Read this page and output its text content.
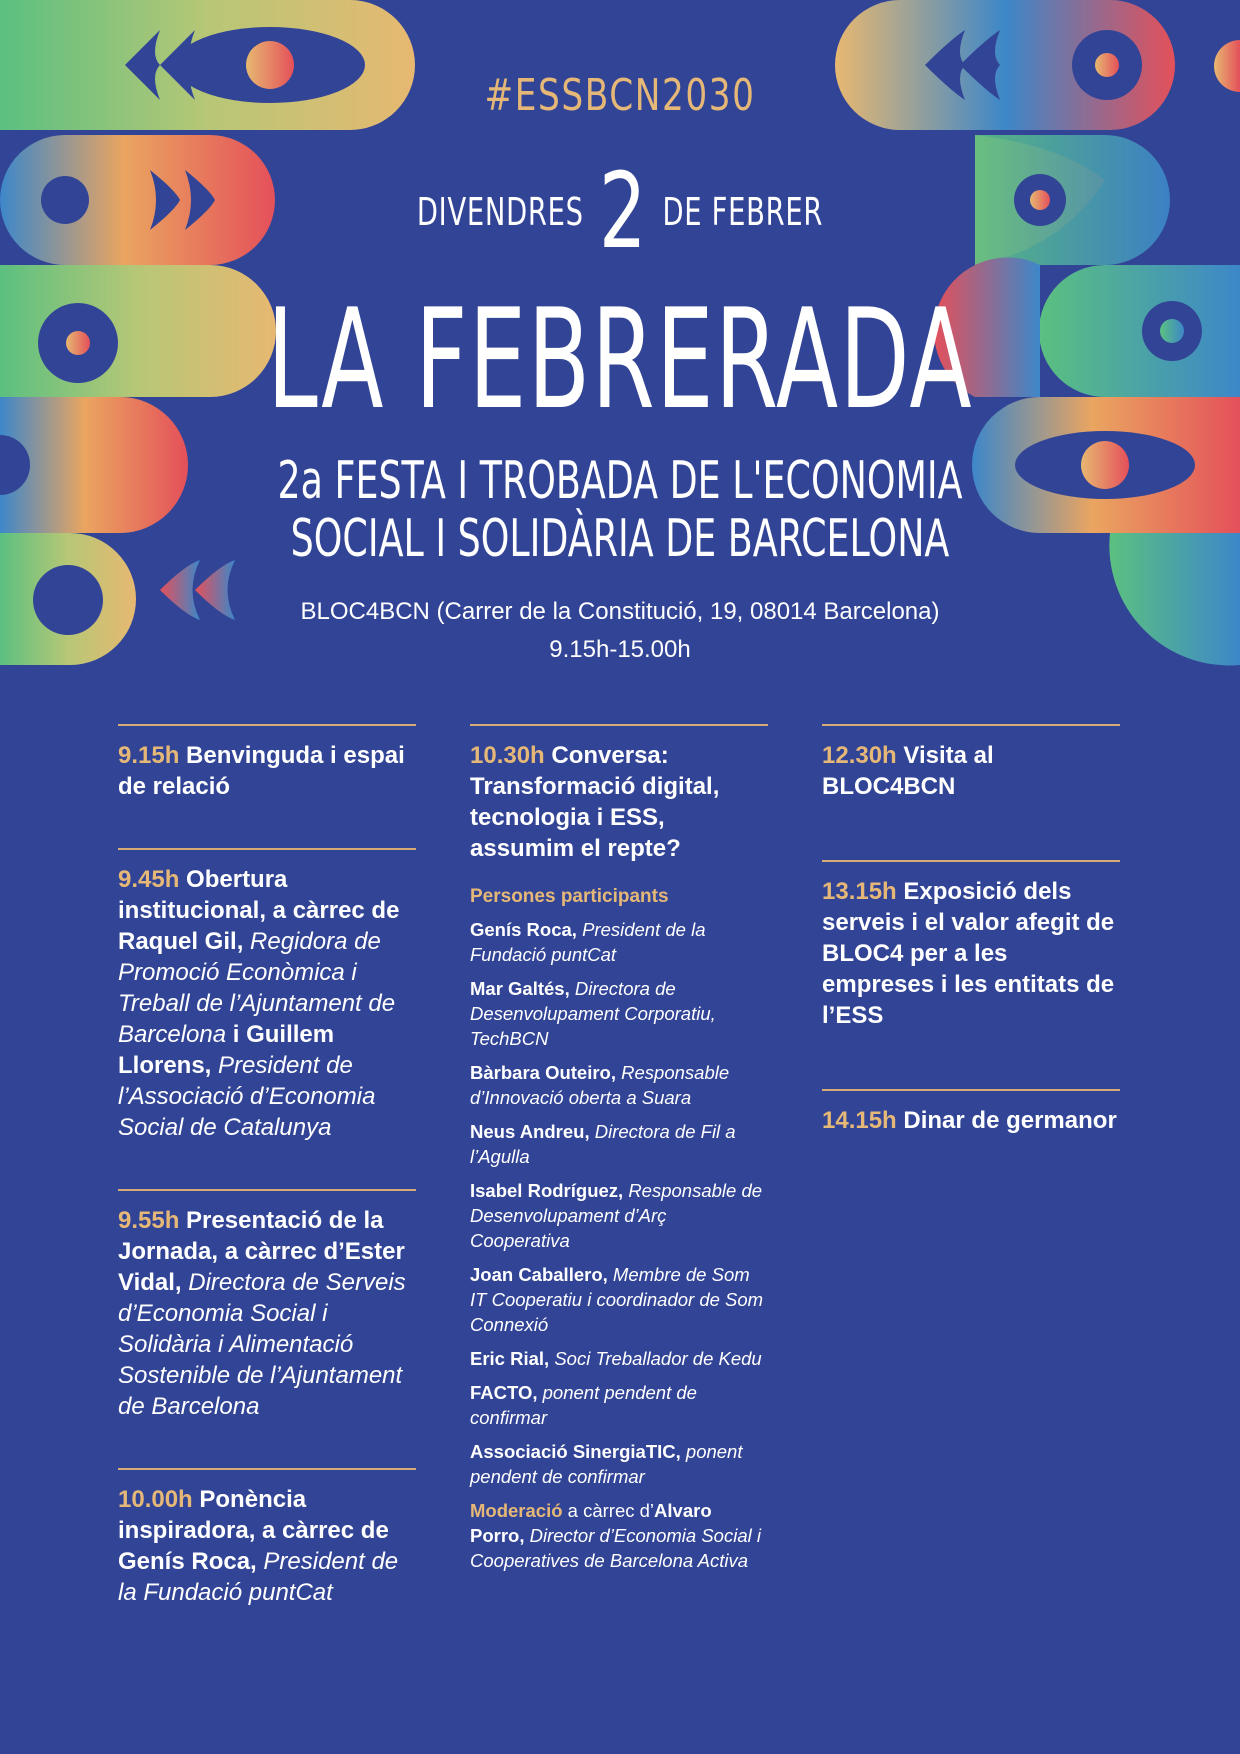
#ESSBCN2030
DIVENDRES 2 DE FEBRER
LA FEBRERADA
2a FESTA I TROBADA DE L'ECONOMIA
SOCIAL I SOLIDÀRIA DE BARCELONA
BLOC4BCN (Carrer de la Constitució, 19, 08014 Barcelona)
9.15h-15.00h
9.15h Benvinguda i espai de relació
9.45h Obertura institucional, a càrrec de Raquel Gil, Regidora de Promoció Econòmica i Treball de l’Ajuntament de Barcelona i Guillem Llorens, President de l’Associació d’Economia Social de Catalunya
9.55h Presentació de la Jornada, a càrrec d’Ester Vidal, Directora de Serveis d’Economia Social i Solidària i Alimentació Sostenible de l’Ajuntament de Barcelona
10.00h Ponència inspiradora, a càrrec de Genís Roca, President de la Fundació puntCat
10.30h Conversa: Transformació digital, tecnologia i ESS, assumim el repte?
Persones participants
Genís Roca, President de la Fundació puntCat
Mar Galtés, Directora de Desenvolupament Corporatiu, TechBCN
Bàrbara Outeiro, Responsable d’Innovació oberta a Suara
Neus Andreu, Directora de Fil a l’Agulla
Isabel Rodríguez, Responsable de Desenvolupament d’Arç Cooperativa
Joan Caballero, Membre de Som IT Cooperatiu i coordinador de Som Connexió
Eric Rial, Soci Treballador de Kedu
FACTO, ponent pendent de confirmar
Associació SinergiaTIC, ponent pendent de confirmar
Moderació a càrrec d’Alvaro Porro, Director d’Economia Social i Cooperatives de Barcelona Activa
12.30h Visita al BLOC4BCN
13.15h Exposició dels serveis i el valor afegit de BLOC4 per a les empreses i les entitats de l’ESS
14.15h Dinar de germanor
